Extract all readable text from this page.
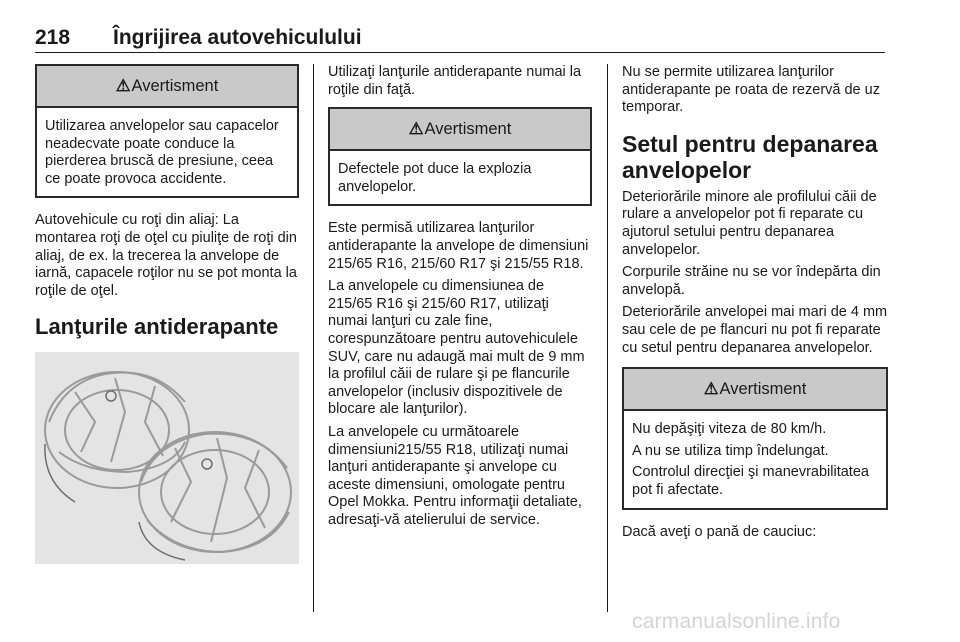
218 Îngrijirea autovehiculului
⚠Avertisment

Utilizarea anvelopelor sau capacelor neadecvate poate conduce la pierderea bruscă de presiune, ceea ce poate provoca accidente.

Autovehicule cu roţi din aliaj: La montarea roţi de oţel cu piuliţe de roţi din aliaj, de ex. la trecerea la anvelope de iarnă, capacele roţilor nu se pot monta la roţile de oţel.

Lanţurile antiderapante

Utilizaţi lanţurile antiderapante numai la roţile din faţă.

⚠Avertisment

Defectele pot duce la explozia anvelopelor.

Este permisă utilizarea lanţurilor antiderapante la anvelope de dimensiuni 215/65 R16, 215/60 R17 şi 215/55 R18.

La anvelopele cu dimensiunea de 215/65 R16 şi 215/60 R17, utilizaţi numai lanţuri cu zale fine, corespunzătoare pentru autovehiculele SUV, care nu adaugă mai mult de 9 mm la profilul căii de rulare şi pe flancurile anvelopelor (inclusiv dispozitivele de blocare ale lanţurilor).

La anvelopele cu următoarele dimensiuni215/55 R18, utilizaţi numai lanţuri antiderapante şi anvelope cu aceste dimensiuni, omologate pentru Opel Mokka. Pentru informaţii detaliate, adresaţi-vă atelierului de service.

Nu se permite utilizarea lanţurilor antiderapante pe roata de rezervă de uz temporar.

Setul pentru depanarea anvelopelor

Deteriorările minore ale profilului căii de rulare a anvelopelor pot fi reparate cu ajutorul setului pentru depanarea anvelopelor.

Corpurile străine nu se vor îndepărta din anvelopă.

Deteriorările anvelopei mai mari de 4 mm sau cele de pe flancuri nu pot fi reparate cu setul pentru depanarea anvelopelor.

⚠Avertisment

Nu depăşiţi viteza de 80 km/h.

A nu se utiliza timp îndelungat.

Controlul direcţiei şi manevrabilitatea pot fi afectate.

Dacă aveţi o pană de cauciuc:

carmanualsonline.info
